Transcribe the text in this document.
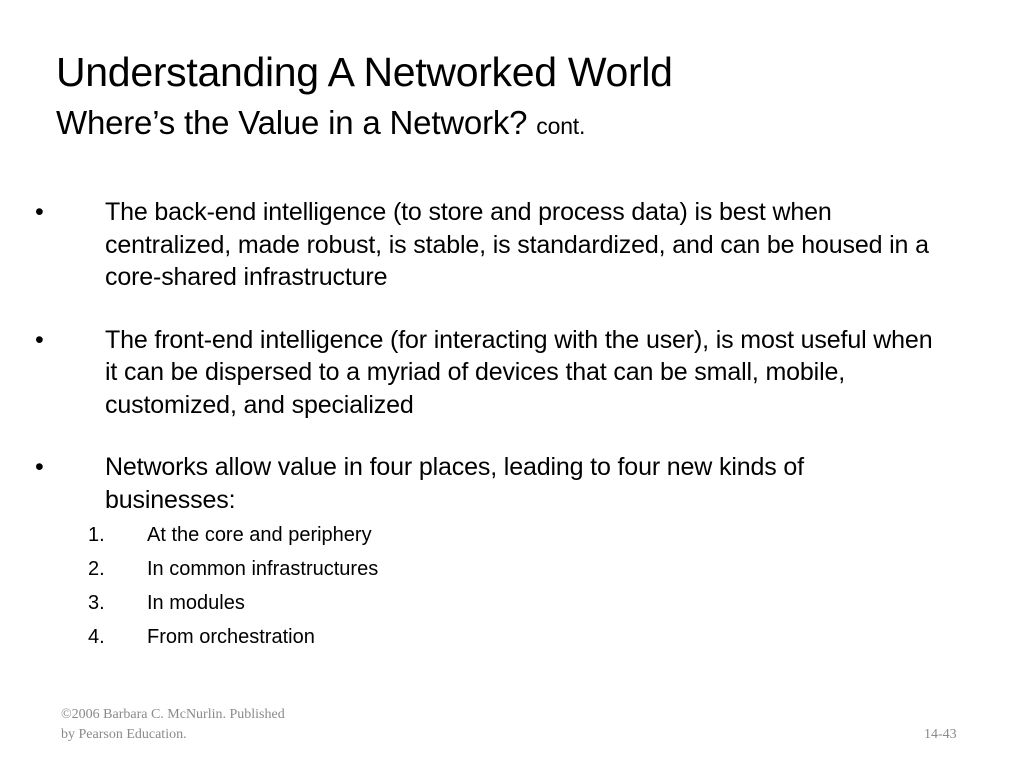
Understanding A Networked World
Where’s the Value in a Network? cont.
• The back-end intelligence (to store and process data) is best when centralized, made robust, is stable, is standardized, and can be housed in a core-shared infrastructure
• The front-end intelligence (for interacting with the user), is most useful when it can be dispersed to a myriad of devices that can be small, mobile, customized, and specialized
• Networks allow value in four places, leading to four new kinds of businesses:
1. At the core and periphery
2. In common infrastructures
3. In modules
4. From orchestration
©2006 Barbara C. McNurlin. Published by Pearson Education.	14-43
